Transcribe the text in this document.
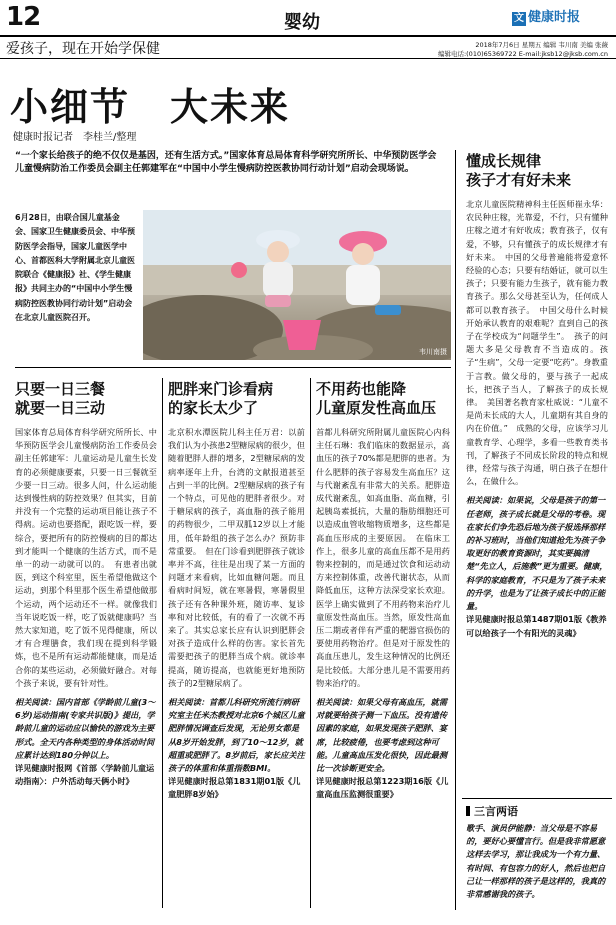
12	婴幼	文 健康时报
爱孩子，现在开始学保健	2018年7月6日 星期五 编辑 韦川南 美编 张薇
编辑电话:(010)65369722 E-mail:jksb12@jksb.com.cn
小细节　大未来
健康时报记者　李桂兰/整理
“一个家长给孩子的绝不仅仅是基因，还有生活方式。”国家体育总局体育科学研究所所长、中华预防医学会儿童慢病防治工作委员会副主任郭建军在“中国中小学生慢病防控医教协同行动计划”启动会现场说。
6月28日，由联合国儿童基金会、国家卫生健康委员会、中华预防医学会指导，国家儿童医学中心、首都医科大学附属北京儿童医院联合《健康报》社、《学生健康报》共同主办的“中国中小学生慢病防控医教协同行动计划”启动会在北京儿童医院召开。
韦川南摄
只要一日三餐
就要一日三动
国家体育总局体育科学研究所所长、中华预防医学会儿童慢病防治工作委员会副主任郭建军：儿童运动是儿童生长发育的必须健康要素，只要一日三餐就至少要一日三动。很多人问，什么运动能达到慢性病的防控效果？但其实，目前并没有一个完整的运动项目能让孩子不得病。运动也要搭配，跟吃饭一样，要综合，要把所有的防控慢病的目的都达到才能叫一个健康的生活方式，而不是单一的动一动就可以的。　有患者出就医，到这个科室里，医生希望他做这个运动，到那个科里那个医生希望他做那个运动，两个运动还不一样。就像我们当年说吃饭一样，吃了饭就健康吗？当然大家知道，吃了饭不见得健康，所以才有合理膳食，我们现在提到科学锻炼，也不是所有运动都能健康，而是适合你的某些运动，必须做好融合。对每个孩子来说，要有针对性。
相关阅读：国内首部《学龄前儿童(3～6岁)运动指南(专家共识版)》提出，学龄前儿童的运动应以愉快的游戏为主要形式。全天内各种类型的身体活动时间应累计达到180分钟以上。
详见健康时报网《首部〈学龄前儿童运动指南〉：户外活动每天俩小时》
肥胖来门诊看病
的家长太少了
北京积水潭医院儿科主任万君：以前我们认为小孩患2型糖尿病的很少，但随着肥胖人群的增多，2型糖尿病的发病率逐年上升，台湾的文献报道甚至占到一半的比例。2型糖尿病的孩子有一个特点，可见他的肥胖者很少。对于糖尿病的孩子，高血脂的孩子能用的药物很少，二甲双胍12岁以上才能用，低年龄组的孩子怎么办？预防非常重要。　但在门诊看到肥胖孩子就诊率并不高，往往是出现了某一方面的问题才来看病，比如血糖问题。而且看病时间短，就在寒暑假，寒暑假里孩子还有各种课外班，随访率、复诊率和对比较低，有的看了一次就不再来了。其实总家长应有认识到肥胖会对孩子造成什么样的伤害。家长首先需要把孩子的肥胖当成个病。就诊率提高，随访提高，也就能更好地预防孩子的2型糖尿病了。
相关阅读：首都儿科研究所流行病研究室主任米杰教授对北京6个城区儿童肥胖情况调查后发现，无论男女都是从8岁开始发胖，到了10～12岁，就超重或肥胖了。8岁前后，家长应关注孩子的体重和体重指数BMI。
详见健康时报总第1831期01版《儿童肥胖8岁始》
不用药也能降
儿童原发性高血压
首都儿科研究所附属儿童医院心内科主任石琳：我们临床的数据显示，高血压的孩子70%都是肥胖的患者。为什么肥胖的孩子容易发生高血压？这与代谢紊乱有非常大的关系。肥胖造成代谢紊乱，如高血脂、高血糖，引起胰岛素抵抗，大量的脂肪细胞还可以造成血管收缩物质增多，这些都是高血压形成的主要原因。　在临床工作上，很多儿童的高血压都不是用药物来控制的，而是通过饮食和运动动方来控制体重，改善代谢状态，从而降低血压，这种方法深受家长欢迎。医学上确实做到了不用药物来治疗儿童原发性高血压。当然，原发性高血压二期或者伴有严重的靶器官损伤的要使用药物治疗。但是对于原发性的高血压患儿，发生这种情况的比例还是比较低。大部分患儿是不需要用药物来治疗的。
相关阅读：如果父母有高血压，就需对就要给孩子测一下血压。没有遗传因素的家庭，如果发现孩子肥胖、宴席，比较疲倦，也要考虑到这种可能。儿童高血压发化很快，因此最测比一次诊断更安全。
详见健康时报总第1223期16版《儿童高血压监测很重要》
懂成长规律
孩子才有好未来
北京儿童医院精神科主任医师崔永华：农民种庄稼，光靠爱，不行，只有懂种庄稼之道才有好收成；教育孩子，仅有爱，不够，只有懂孩子的成长规律才有好未来。　中国的父母普遍能将爱意怀经验的心态；只要有结婚证，就可以生孩子；只要有能力生孩子，就有能力教育孩子。那么父母甚至认为，任何成人都可以教育孩子。　中国父母什么时候开始承认教育的艰难呢？直到自己的孩子在学校成为“问题学生”。　孩子的问题大多是父母教育不当造成的。孩子“生病”，父母一定要“吃药”。身教重于言教。做父母的，要与孩子一起成长，把孩子当人，了解孩子的成长规律。　美国著名教育家杜威说：“儿童不是尚未长成的大人，儿童期有其自身的内在价值。”　成熟的父母，应该学习儿童教育学、心理学，多看一些教育类书刊，了解孩子不同成长阶段的特点和规律，经常与孩子沟通，明白孩子在想什么，在做什么。
相关阅读：如果说，父母是孩子的第一任老师，孩子成长就是父母的考卷。现在家长们争先恐后地为孩子报选择那样的补习班时，当他们知道抢先为孩子争取更好的教育资源时，其实要搞清楚“先立人，后施教”更为重要。健康，科学的家庭教育，不只是为了孩子未来的升学，也是为了让孩子成长中的正能量。
详见健康时报总第1487期01版《教养可以给孩子一个有阳光的灵魂》
三言两语
歌手、演员伊能静：当父母是不容易的，要好心要懂言行。但是我非常愿意这样去学习，那让我成为一个有力量、有时间、有包容力的好人，然后也把自己让一样那样的孩子是这样的，我真的非常感谢我的孩子。
